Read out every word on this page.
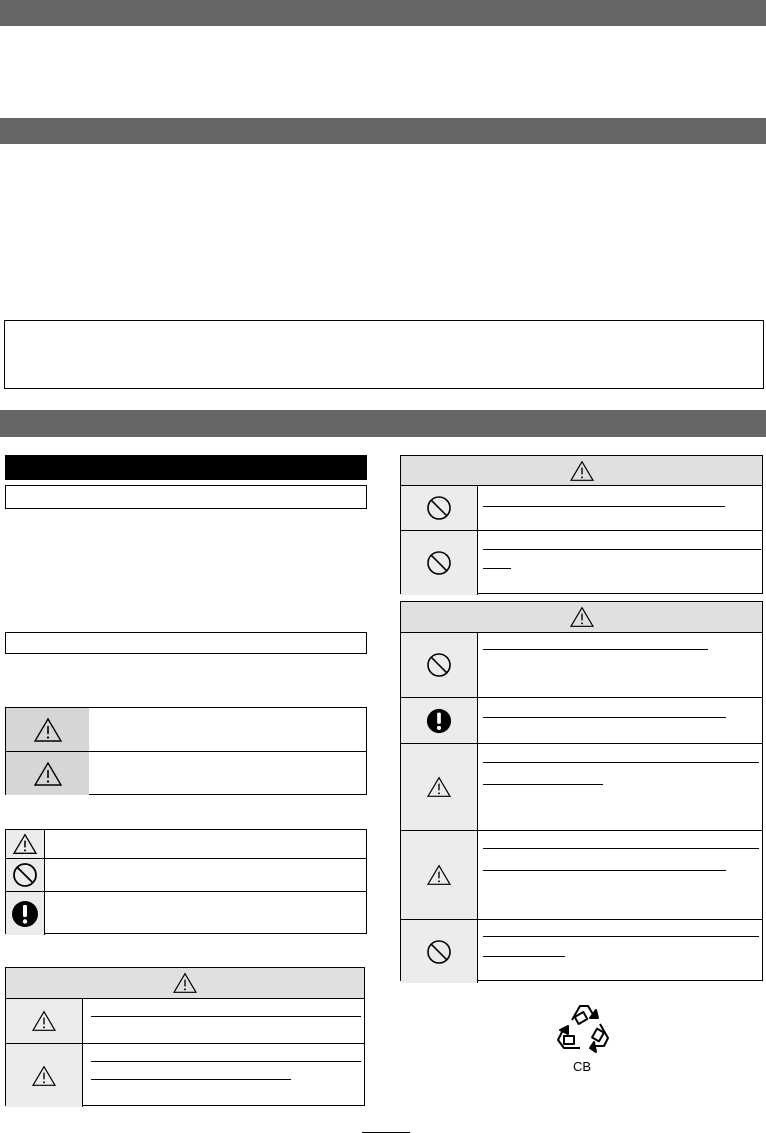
CB
